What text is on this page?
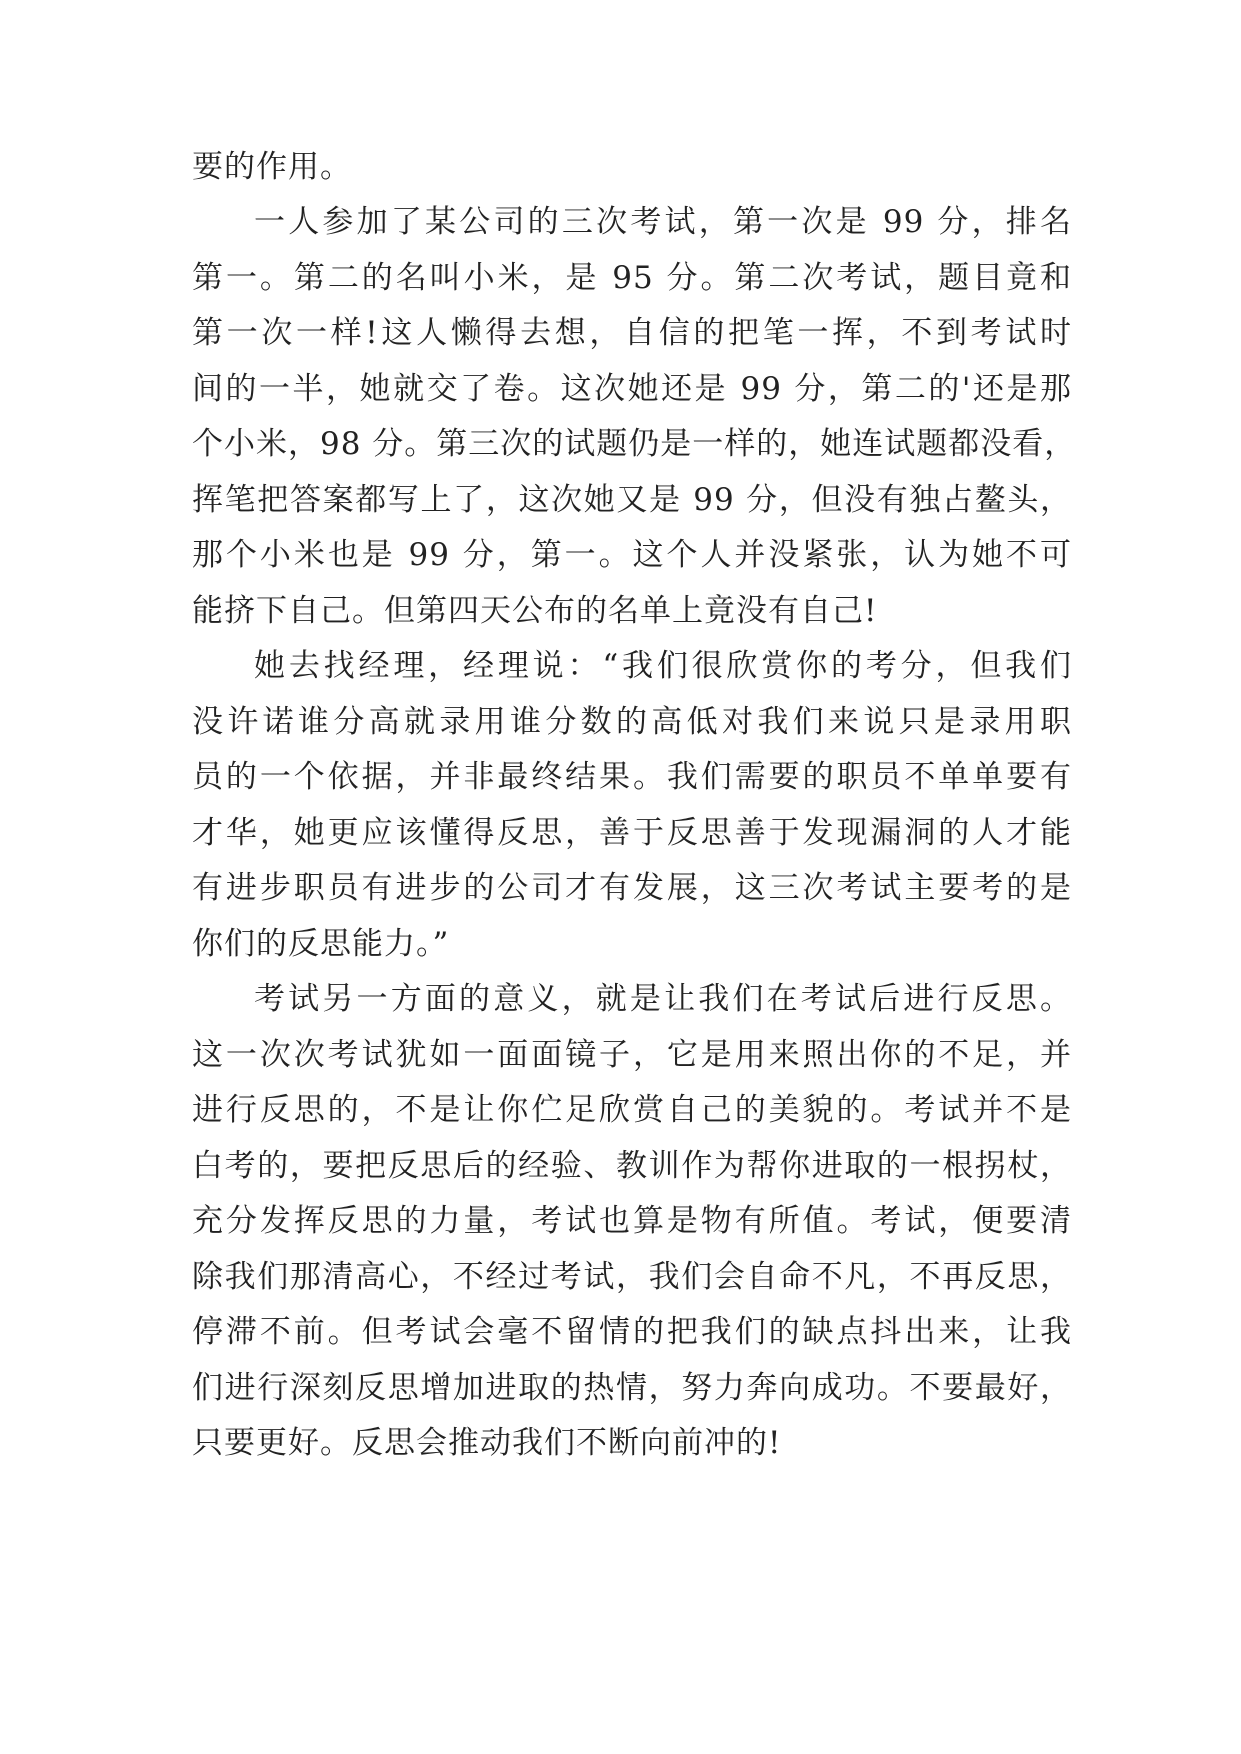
要的作用。
一人参加了某公司的三次考试，第一次是 99 分，排名
第一。第二的名叫小米，是 95 分。第二次考试，题目竟和
第一次一样!这人懒得去想，自信的把笔一挥，不到考试时
间的一半，她就交了卷。这次她还是 99 分，第二的'还是那
个小米，98 分。第三次的试题仍是一样的，她连试题都没看，
挥笔把答案都写上了，这次她又是 99 分，但没有独占鳌头，
那个小米也是 99 分，第一。这个人并没紧张，认为她不可
能挤下自己。但第四天公布的名单上竟没有自己!
她去找经理，经理说：“我们很欣赏你的考分，但我们
没许诺谁分高就录用谁分数的高低对我们来说只是录用职
员的一个依据，并非最终结果。我们需要的职员不单单要有
才华，她更应该懂得反思，善于反思善于发现漏洞的人才能
有进步职员有进步的公司才有发展，这三次考试主要考的是
你们的反思能力。”
考试另一方面的意义，就是让我们在考试后进行反思。
这一次次考试犹如一面面镜子，它是用来照出你的不足，并
进行反思的，不是让你伫足欣赏自己的美貌的。考试并不是
白考的，要把反思后的经验、教训作为帮你进取的一根拐杖，
充分发挥反思的力量，考试也算是物有所值。考试，便要清
除我们那清高心，不经过考试，我们会自命不凡，不再反思，
停滞不前。但考试会毫不留情的把我们的缺点抖出来，让我
们进行深刻反思增加进取的热情，努力奔向成功。不要最好，
只要更好。反思会推动我们不断向前冲的!
